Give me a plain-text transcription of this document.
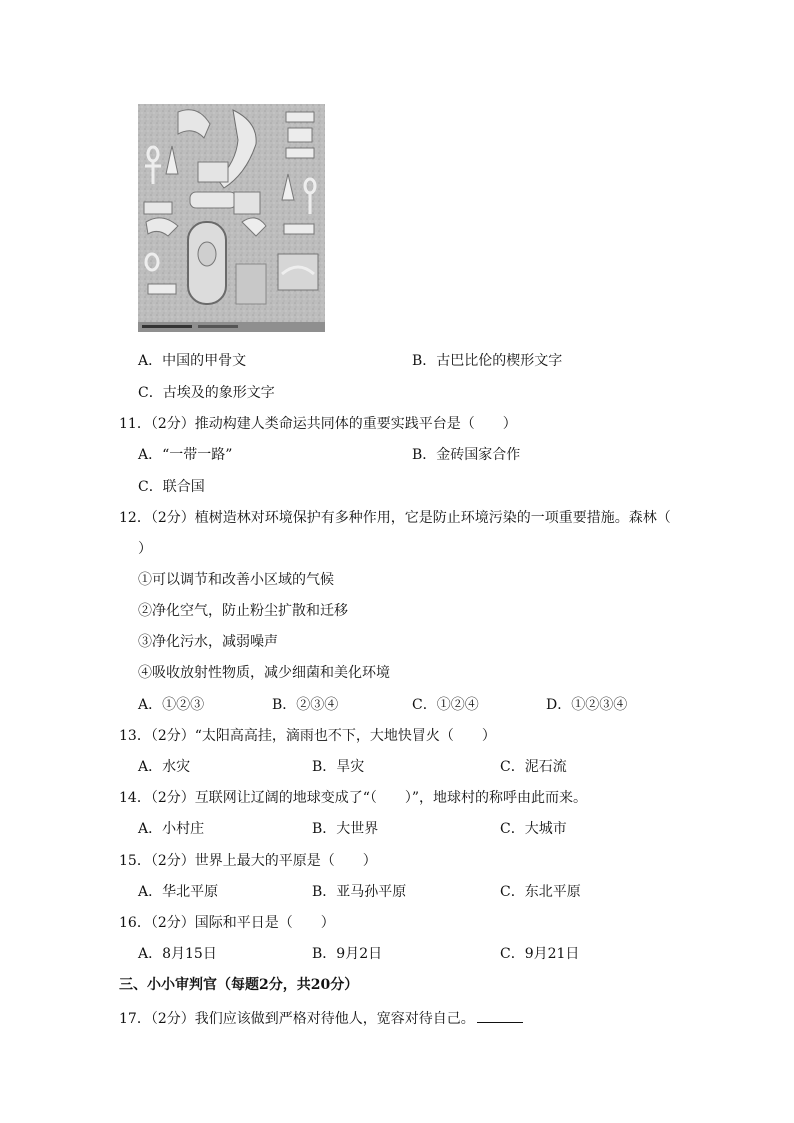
A．中国的甲骨文	B．古巴比伦的楔形文字
C．古埃及的象形文字
11．（2分）推动构建人类命运共同体的重要实践平台是（　　）
A．“一带一路”	B．金砖国家合作
C．联合国
12．（2分）植树造林对环境保护有多种作用，它是防止环境污染的一项重要措施。森林（
）
①可以调节和改善小区域的气候
②净化空气，防止粉尘扩散和迁移
③净化污水，减弱噪声
④吸收放射性物质，减少细菌和美化环境
A．①②③	B．②③④	C．①②④	D．①②③④
13．（2分）“太阳高高挂，滴雨也不下，大地快冒火（　　）
A．水灾	B．旱灾	C．泥石流
14．（2分）互联网让辽阔的地球变成了“（　　）”，地球村的称呼由此而来。
A．小村庄	B．大世界	C．大城市
15．（2分）世界上最大的平原是（　　）
A．华北平原	B．亚马孙平原	C．东北平原
16．（2分）国际和平日是（　　）
A．8月15日	B．9月2日	C．9月21日
三、小小审判官（每题2分，共20分）
17．（2分）我们应该做到严格对待他人，宽容对待自己。
